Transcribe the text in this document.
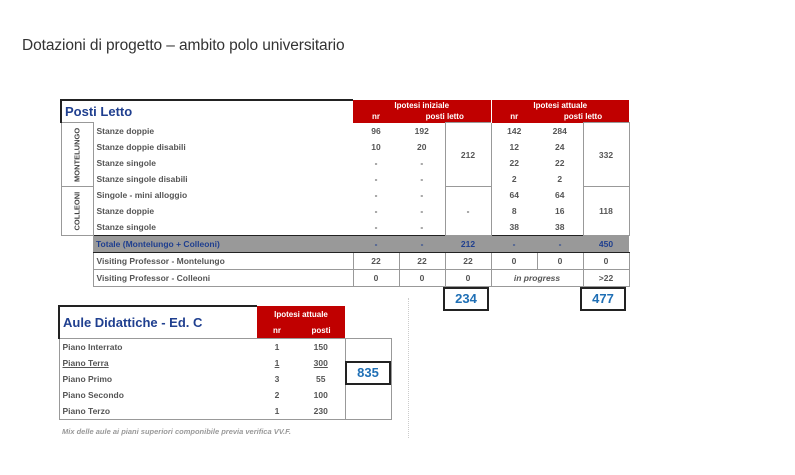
Dotazioni di progetto – ambito polo universitario
Posti Letto		Ipotesi iniziale			Ipotesi attuale		
		nr	posti letto		nr	posti letto	
MONTELUNGO	Stanze doppie	96	192	212	142	284	332
	Stanze doppie disabili	10	20		12	24	
	Stanze singole	-	-		22	22	
	Stanze singole disabili	-	-		2	2	
COLLEONI	Singole - mini alloggio	-	-	-	64	64	118
	Stanze doppie	-	-		8	16	
	Stanze singole	-	-		38	38	
	Totale (Montelungo + Colleoni)	-	-	212	-	-	450
	Visiting Professor - Montelungo	22	22	22	0	0	0
	Visiting Professor - Colleoni	0	0	0	in progress		>22
234	477
Aule Didattiche - Ed. C	Ipotesi attuale		
	nr	posti	
Piano Interrato	1	150	
Piano Terra	1	300	
Piano Primo	3	55	
Piano Secondo	2	100	
Piano Terzo	1	230	
835
Mix delle aule ai piani superiori componibile previa verifica VV.F.
